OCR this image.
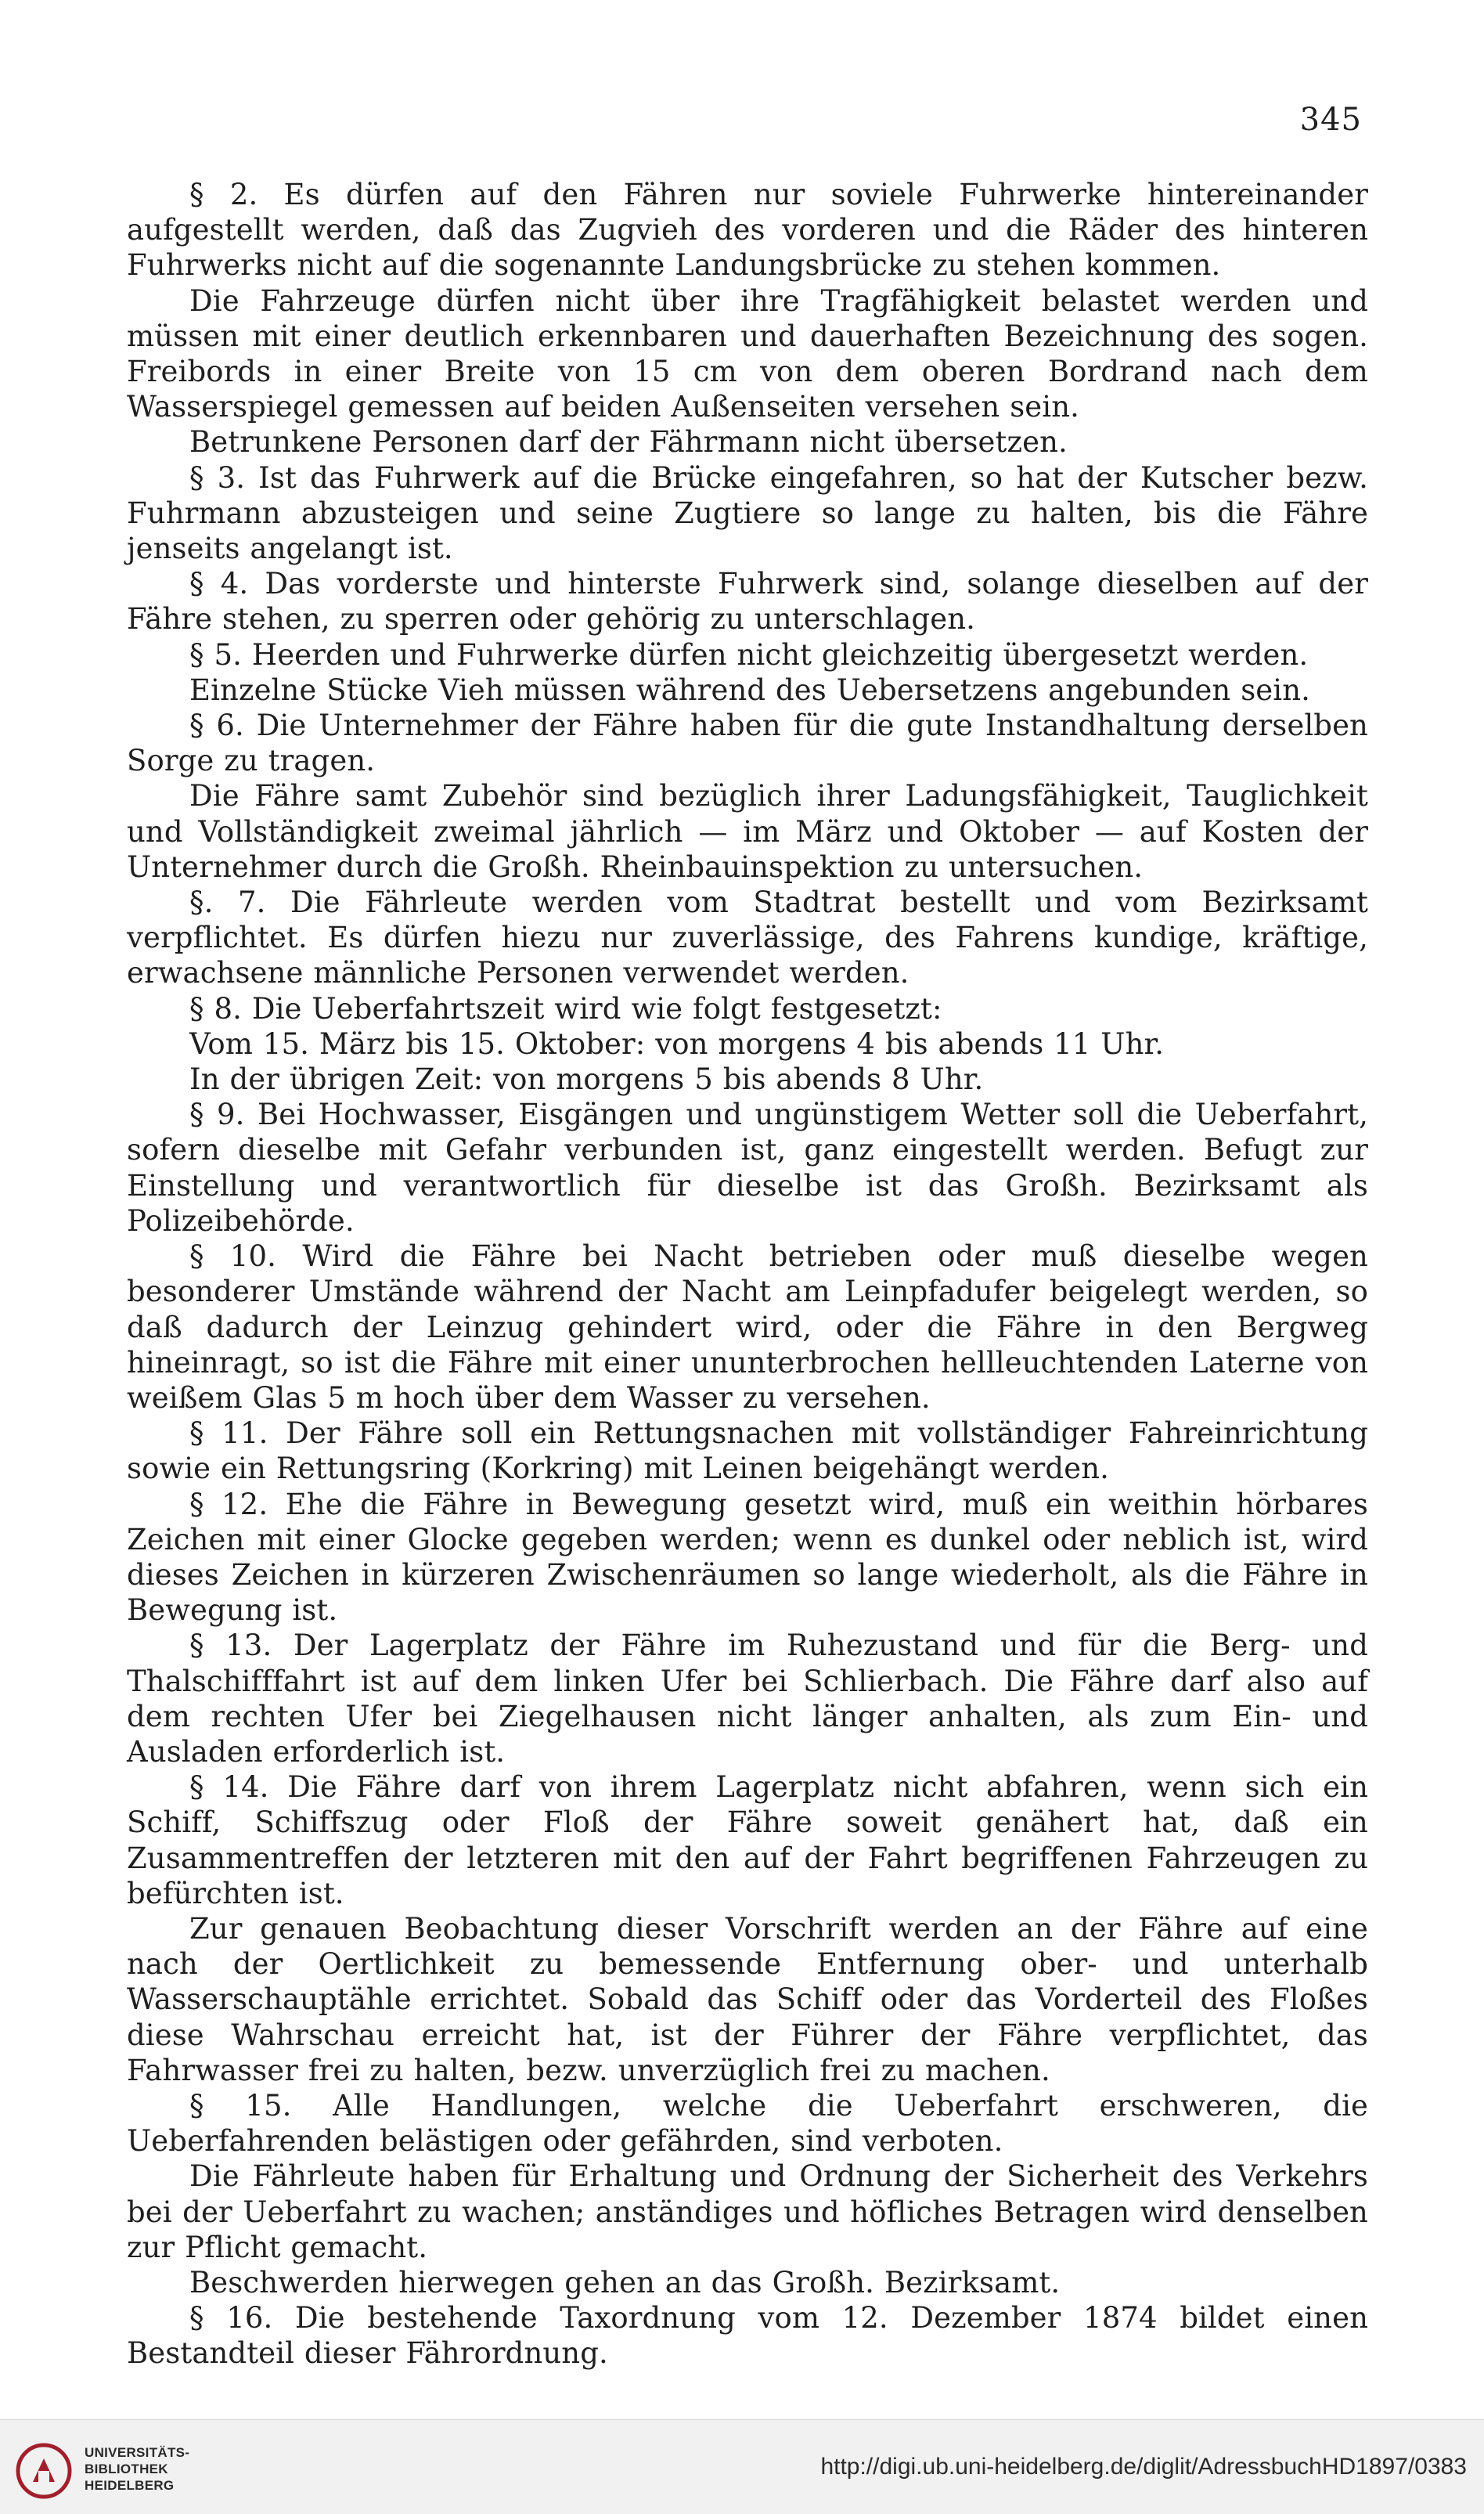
345

§ 2. Es dürfen auf den Fähren nur soviele Fuhrwerke hintereinander aufgestellt werden, daß das Zugvieh des vorderen und die Räder des hinteren Fuhrwerks nicht auf die sogenannte Landungsbrücke zu stehen kommen.

Die Fahrzeuge dürfen nicht über ihre Tragfähigkeit belastet werden und müssen mit einer deutlich erkennbaren und dauerhaften Bezeichnung des sogen. Freibords in einer Breite von 15 cm von dem oberen Bordrand nach dem Wasserspiegel gemessen auf beiden Außenseiten versehen sein.

Betrunkene Personen darf der Fährmann nicht übersetzen.

§ 3. Ist das Fuhrwerk auf die Brücke eingefahren, so hat der Kutscher bezw. Fuhrmann abzusteigen und seine Zugtiere so lange zu halten, bis die Fähre jenseits angelangt ist.

§ 4. Das vorderste und hinterste Fuhrwerk sind, solange dieselben auf der Fähre stehen, zu sperren oder gehörig zu unterschlagen.

§ 5. Heerden und Fuhrwerke dürfen nicht gleichzeitig übergesetzt werden.

Einzelne Stücke Vieh müssen während des Uebersetzens angebunden sein.

§ 6. Die Unternehmer der Fähre haben für die gute Instandhaltung derselben Sorge zu tragen.

Die Fähre samt Zubehör sind bezüglich ihrer Ladungsfähigkeit, Tauglichkeit und Vollständigkeit zweimal jährlich — im März und Oktober — auf Kosten der Unternehmer durch die Großh. Rheinbauinspektion zu untersuchen.

§. 7. Die Fährleute werden vom Stadtrat bestellt und vom Bezirksamt verpflichtet. Es dürfen hiezu nur zuverlässige, des Fahrens kundige, kräftige, erwachsene männliche Personen verwendet werden.

§ 8. Die Ueberfahrtszeit wird wie folgt festgesetzt:

Vom 15. März bis 15. Oktober: von morgens 4 bis abends 11 Uhr.

In der übrigen Zeit: von morgens 5 bis abends 8 Uhr.

§ 9. Bei Hochwasser, Eisgängen und ungünstigem Wetter soll die Ueberfahrt, sofern dieselbe mit Gefahr verbunden ist, ganz eingestellt werden. Befugt zur Einstellung und verantwortlich für dieselbe ist das Großh. Bezirksamt als Polizeibehörde.

§ 10. Wird die Fähre bei Nacht betrieben oder muß dieselbe wegen besonderer Umstände während der Nacht am Leinpfadufer beigelegt werden, so daß dadurch der Leinzug gehindert wird, oder die Fähre in den Bergweg hineinragt, so ist die Fähre mit einer ununterbrochen hellleuchtenden Laterne von weißem Glas 5 m hoch über dem Wasser zu versehen.

§ 11. Der Fähre soll ein Rettungsnachen mit vollständiger Fahreinrichtung sowie ein Rettungsring (Korkring) mit Leinen beigehängt werden.

§ 12. Ehe die Fähre in Bewegung gesetzt wird, muß ein weithin hörbares Zeichen mit einer Glocke gegeben werden; wenn es dunkel oder neblich ist, wird dieses Zeichen in kürzeren Zwischenräumen so lange wiederholt, als die Fähre in Bewegung ist.

§ 13. Der Lagerplatz der Fähre im Ruhezustand und für die Berg- und Thalschifffahrt ist auf dem linken Ufer bei Schlierbach. Die Fähre darf also auf dem rechten Ufer bei Ziegelhausen nicht länger anhalten, als zum Ein- und Ausladen erforderlich ist.

§ 14. Die Fähre darf von ihrem Lagerplatz nicht abfahren, wenn sich ein Schiff, Schiffszug oder Floß der Fähre soweit genähert hat, daß ein Zusammentreffen der letzteren mit den auf der Fahrt begriffenen Fahrzeugen zu befürchten ist.

Zur genauen Beobachtung dieser Vorschrift werden an der Fähre auf eine nach der Oertlichkeit zu bemessende Entfernung ober- und unterhalb Wasserschauptähle errichtet. Sobald das Schiff oder das Vorderteil des Floßes diese Wahrschau erreicht hat, ist der Führer der Fähre verpflichtet, das Fahrwasser frei zu halten, bezw. unverzüglich frei zu machen.

§ 15. Alle Handlungen, welche die Ueberfahrt erschweren, die Ueberfahrenden belästigen oder gefährden, sind verboten.

Die Fährleute haben für Erhaltung und Ordnung der Sicherheit des Verkehrs bei der Ueberfahrt zu wachen; anständiges und höfliches Betragen wird denselben zur Pflicht gemacht.

Beschwerden hierwegen gehen an das Großh. Bezirksamt.

§ 16. Die bestehende Taxordnung vom 12. Dezember 1874 bildet einen Bestandteil dieser Fährordnung.

UNIVERSITÄTS-
BIBLIOTHEK
HEIDELBERG
http://digi.ub.uni-heidelberg.de/diglit/AdressbuchHD1897/0383
